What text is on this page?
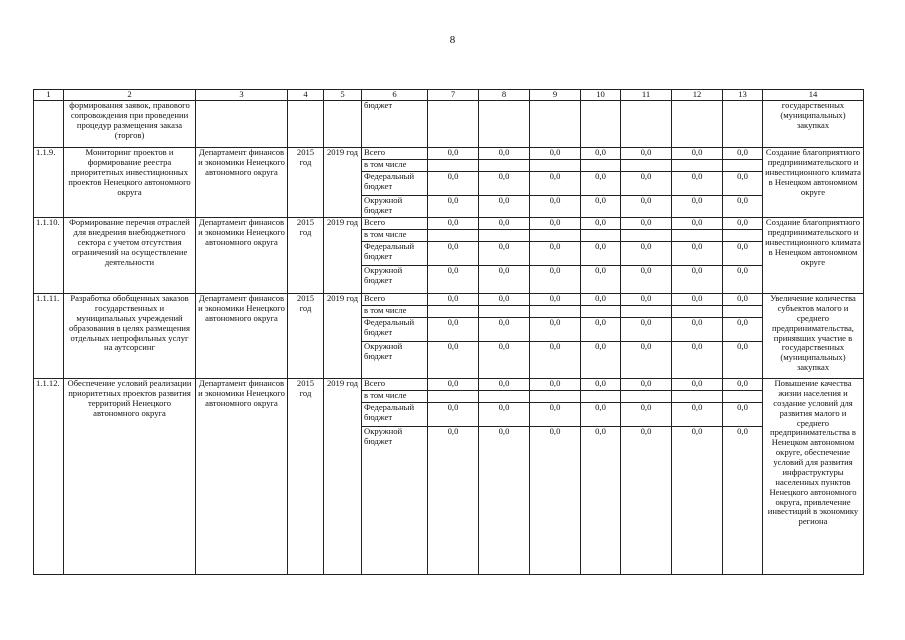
8
1	2	3	4	5	6	7	8	9	10	11	12	13	14
	формирования заявок, правового сопровождения при проведении процедур размещения заказа (торгов)				бюджет								государственных (муниципальных) закупках
1.1.9.	Мониторинг проектов и формирование реестра приоритетных инвестиционных проектов Ненецкого автономного округа	Департамент финансов и экономики Ненецкого автономного округа	2015 год	2019 год	Всего	0,0	0,0	0,0	0,0	0,0	0,0	0,0	Создание благоприятного предпринимательского и инвестиционного климата в Ненецком автономном округе
					в том числе								
					Федеральный бюджет	0,0	0,0	0,0	0,0	0,0	0,0	0,0	
					Окружной бюджет	0,0	0,0	0,0	0,0	0,0	0,0	0,0	
1.1.10.	Формирование перечня отраслей для внедрения внебюджетного сектора с учетом отсутствия ограничений на осуществление деятельности	Департамент финансов и экономики Ненецкого автономного округа	2015 год	2019 год	Всего	0,0	0,0	0,0	0,0	0,0	0,0	0,0	Создание благоприятного предпринимательского и инвестиционного климата в Ненецком автономном округе
					в том числе								
					Федеральный бюджет	0,0	0,0	0,0	0,0	0,0	0,0	0,0	
					Окружной бюджет	0,0	0,0	0,0	0,0	0,0	0,0	0,0	
1.1.11.	Разработка обобщенных заказов государственных и муниципальных учреждений образования в целях размещения отдельных непрофильных услуг на аутсорсинг	Департамент финансов и экономики Ненецкого автономного округа	2015 год	2019 год	Всего	0,0	0,0	0,0	0,0	0,0	0,0	0,0	Увеличение количества субъектов малого и среднего предпринимательства, принявших участие в государственных (муниципальных) закупках
					в том числе								
					Федеральный бюджет	0,0	0,0	0,0	0,0	0,0	0,0	0,0	
					Окружной бюджет	0,0	0,0	0,0	0,0	0,0	0,0	0,0	
1.1.12.	Обеспечение условий реализации приоритетных проектов развития территорий Ненецкого автономного округа	Департамент финансов и экономики Ненецкого автономного округа	2015 год	2019 год	Всего	0,0	0,0	0,0	0,0	0,0	0,0	0,0	Повышение качества жизни населения и создание условий для развития малого и среднего предпринимательства в Ненецком автономном округе, обеспечение условий для развития инфраструктуры населенных пунктов Ненецкого автономного округа, привлечение инвестиций в экономику региона
					в том числе								
					Федеральный бюджет	0,0	0,0	0,0	0,0	0,0	0,0	0,0	
					Окружной бюджет	0,0	0,0	0,0	0,0	0,0	0,0	0,0	
